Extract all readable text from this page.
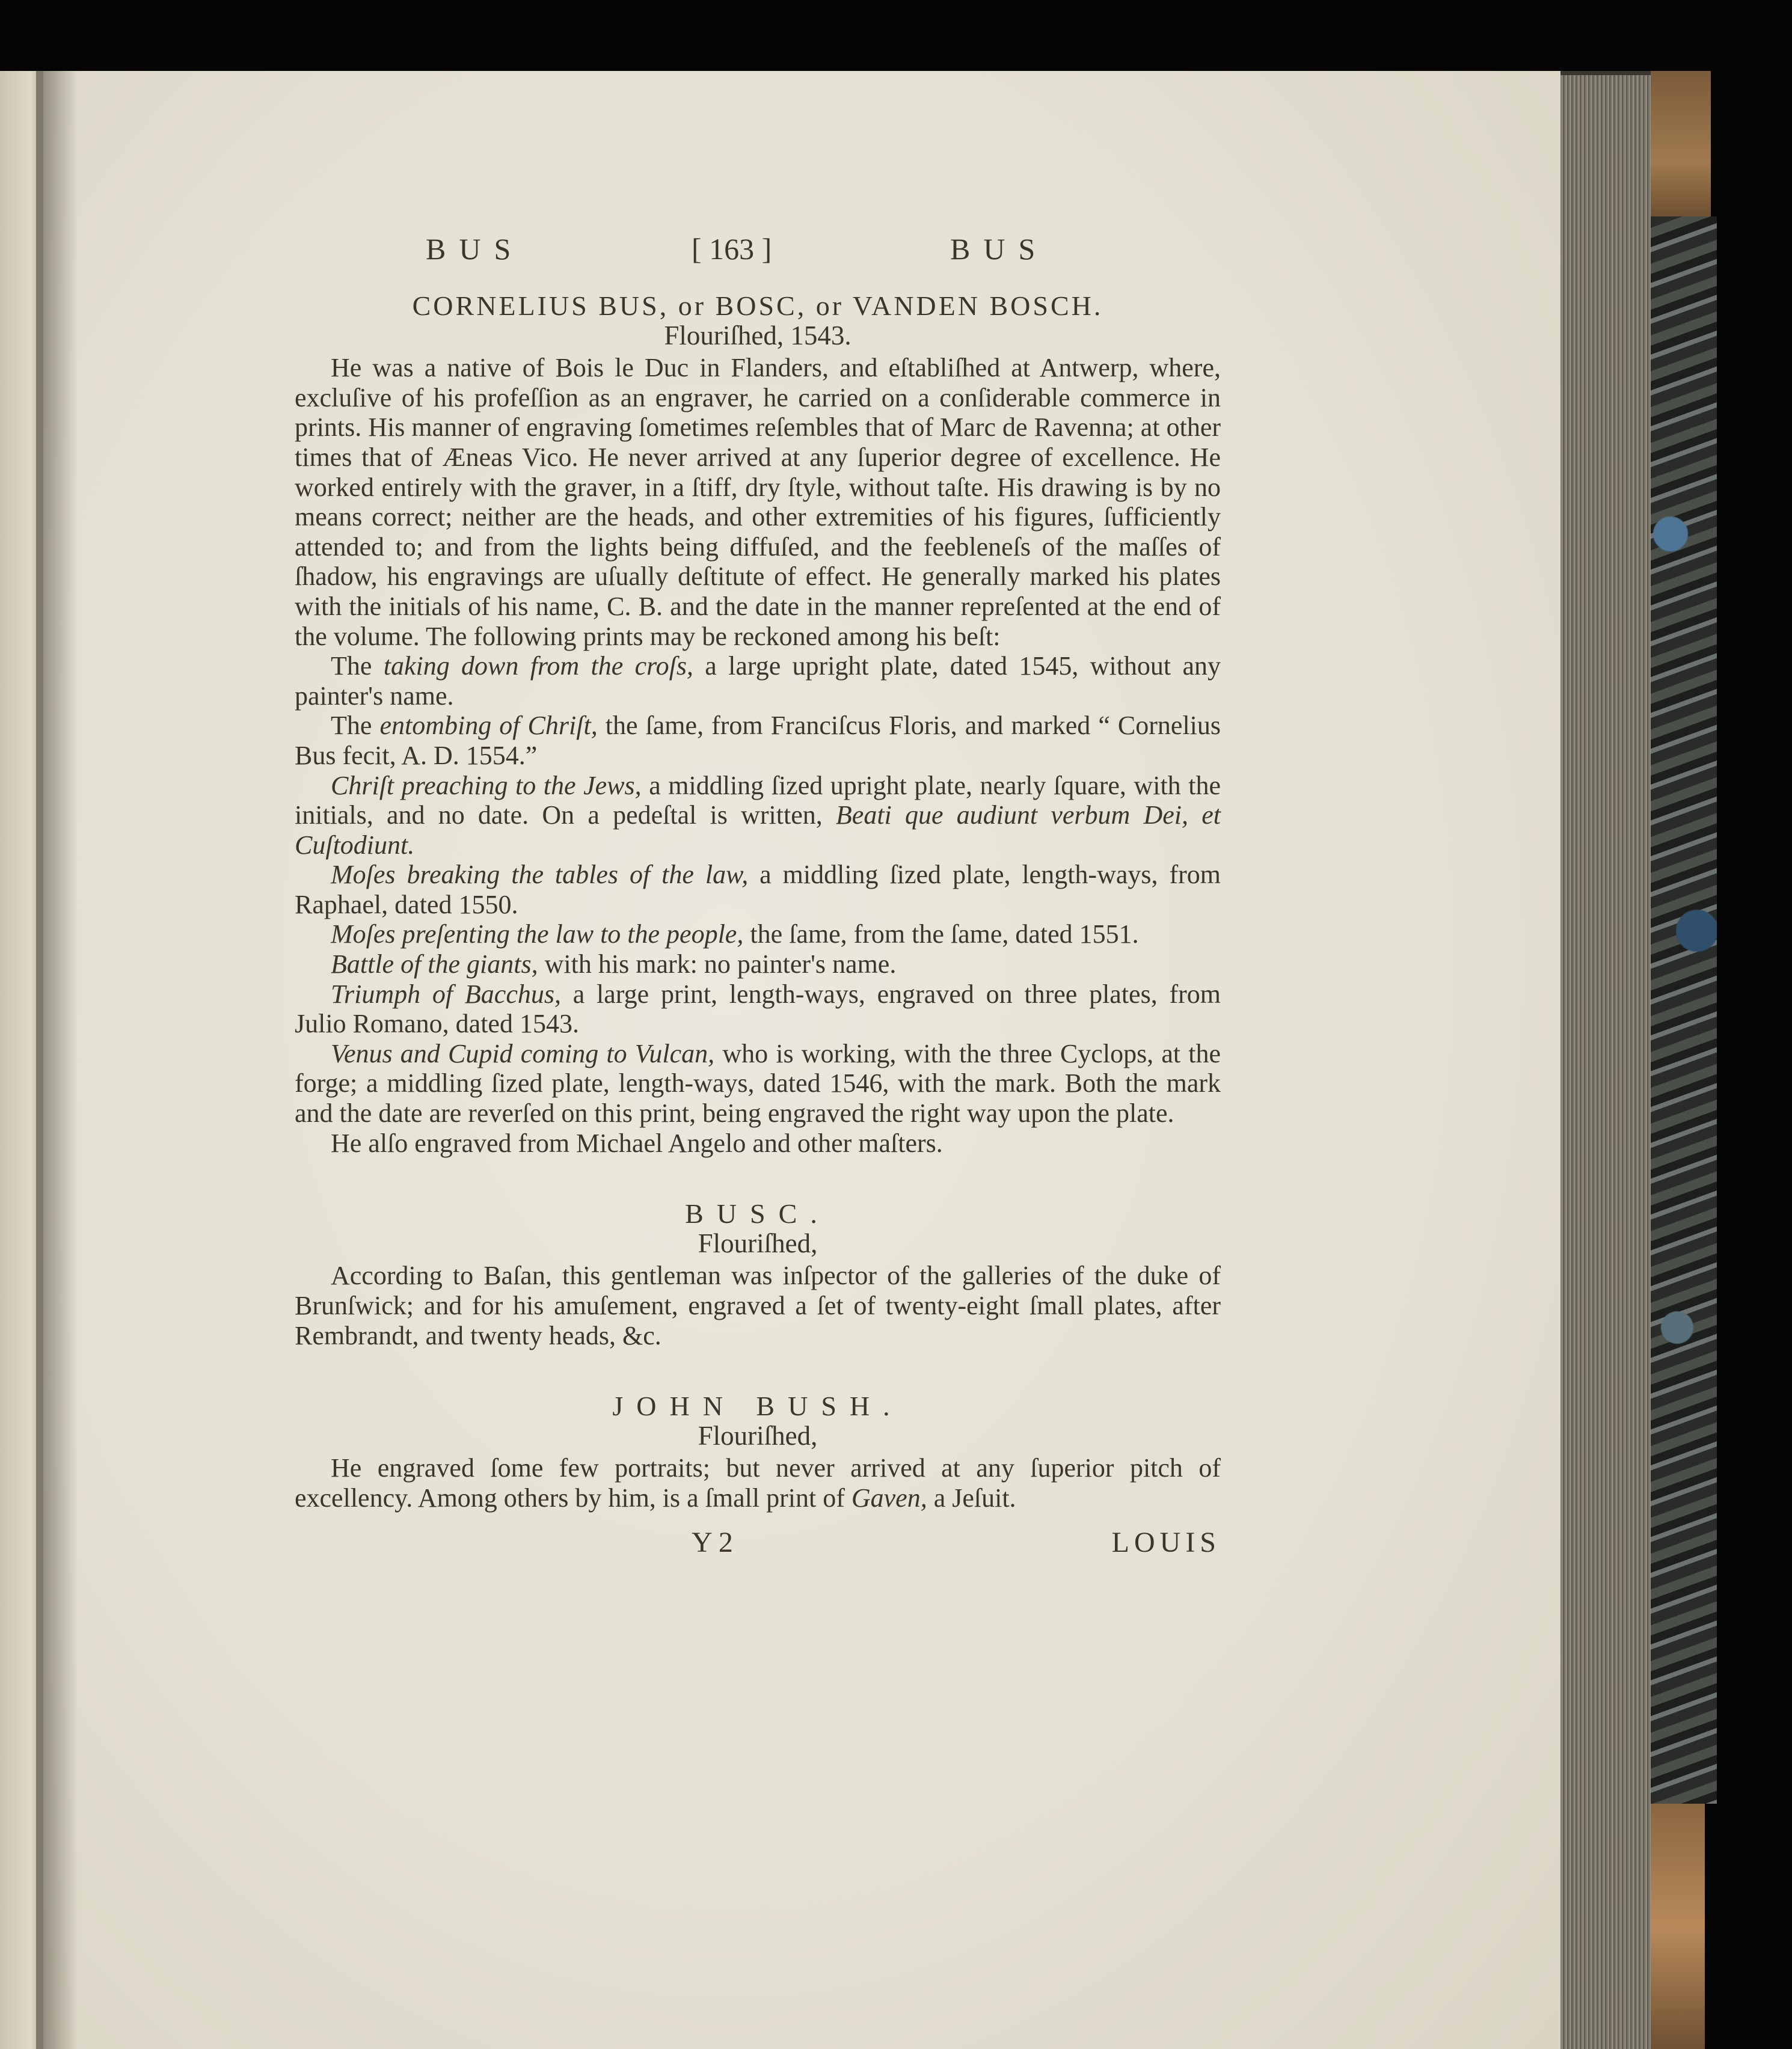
BUS	[ 163 ]	BUS
CORNELIUS BUS, or BOSC, or VANDEN BOSCH.
Flouriſhed, 1543.

He was a native of Bois le Duc in Flanders, and eſtabliſhed at Antwerp, where, excluſive of his profeſſion as an engraver, he carried on a conſiderable commerce in prints. His manner of engraving ſometimes reſembles that of Marc de Ravenna; at other times that of Æneas Vico. He never arrived at any ſuperior degree of excellence. He worked entirely with the graver, in a ſtiff, dry ſtyle, without taſte. His drawing is by no means correct; neither are the heads, and other extremities of his figures, ſufficiently attended to; and from the lights being diffuſed, and the feebleneſs of the maſſes of ſhadow, his engravings are uſually deſtitute of effect. He generally marked his plates with the initials of his name, C. B. and the date in the manner repreſented at the end of the volume. The following prints may be reckoned among his beſt:

The taking down from the croſs, a large upright plate, dated 1545, without any painter's name.

The entombing of Chriſt, the ſame, from Franciſcus Floris, and marked “ Cornelius Bus fecit, A. D. 1554.”

Chriſt preaching to the Jews, a middling ſized upright plate, nearly ſquare, with the initials, and no date. On a pedeſtal is written, Beati que audiunt verbum Dei, et Cuſtodiunt.

Moſes breaking the tables of the law, a middling ſized plate, length-ways, from Raphael, dated 1550.

Moſes preſenting the law to the people, the ſame, from the ſame, dated 1551.

Battle of the giants, with his mark: no painter's name.

Triumph of Bacchus, a large print, length-ways, engraved on three plates, from Julio Romano, dated 1543.

Venus and Cupid coming to Vulcan, who is working, with the three Cyclops, at the forge; a middling ſized plate, length-ways, dated 1546, with the mark. Both the mark and the date are reverſed on this print, being engraved the right way upon the plate.

He alſo engraved from Michael Angelo and other maſters.

BUSC.
Flouriſhed,

According to Baſan, this gentleman was inſpector of the galleries of the duke of Brunſwick; and for his amuſement, engraved a ſet of twenty-eight ſmall plates, after Rembrandt, and twenty heads, &c.

JOHN BUSH.
Flouriſhed,

He engraved ſome few portraits; but never arrived at any ſuperior pitch of excellency. Among others by him, is a ſmall print of Gaven, a Jeſuit.

Y 2	LOUIS
